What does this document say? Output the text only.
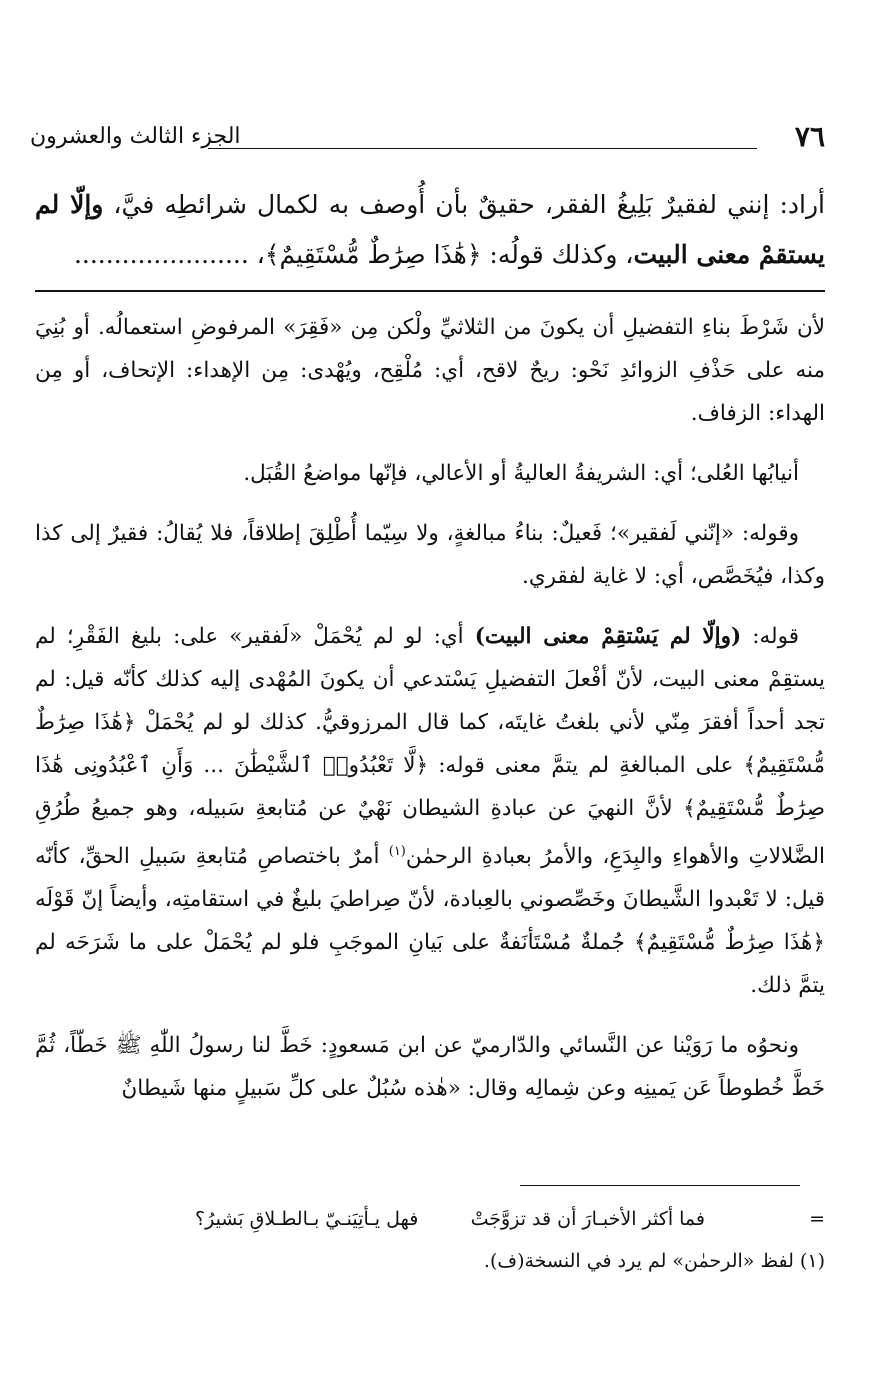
٧٦
الجزء الثالث والعشرون
أراد: إنني لفقيرٌ بَلِيغُ الفقر، حقيقٌ بأن أُوصف به لكمال شرائطِه فيَّ، وإلّا لم يستقمْ معنى البيت، وكذلك قولُه: ﴿هَٰذَا صِرَٰطٌ مُّسْتَقِيمٌ﴾، ......................

لأن شَرْطَ بناءِ التفضيلِ أن يكونَ من الثلاثيِّ ولْكن مِن «فَقِرَ» المرفوضِ استعمالُه. أو بُنِيَ منه على حَذْفِ الزوائدِ نَحْو: ريحٌ لاقح، أي: مُلْقِح، ويُهْدى: مِن الإهداء: الإتحاف، أو مِن الهداء: الزفاف.

أنيابُها العُلى؛ أي: الشريفةُ العاليةُ أو الأعالي، فإنّها مواضعُ القُبَل.

وقوله: «إنّني لَفقير»؛ فَعيلٌ: بناءُ مبالغةٍ، ولا سِيّما أُطْلِقَ إطلاقاً، فلا يُقالُ: فقيرٌ إلى كذا وكذا، فيُخَصَّص، أي: لا غاية لفقري.

قوله: (وإلّا لم يَسْتقِمْ معنى البيت) أي: لو لم يُحْمَلْ «لَفقير» على: بليغ الفَقْرِ؛ لم يستقِمْ معنى البيت، لأنّ أفْعلَ التفضيلِ يَسْتدعي أن يكونَ المُهْدى إليه كذلك كأنّه قيل: لم تجد أحداً أفقرَ مِنّي لأني بلغتُ غايتَه، كما قال المرزوقيُّ. كذلك لو لم يُحْمَلْ ﴿هَٰذَا صِرَٰطٌ مُّسْتَقِيمٌ﴾ على المبالغةِ لم يتمَّ معنى قوله: ﴿لَّا تَعْبُدُوا۟ ٱلشَّيْطَٰنَ ... وَأَنِ ٱعْبُدُونِى هَٰذَا صِرَٰطٌ مُّسْتَقِيمٌ﴾ لأنَّ النهيَ عن عبادةِ الشيطان نَهْيٌ عن مُتابعةِ سَبيله، وهو جميعُ طُرُقِ الضَّلالاتِ والأهواءِ والبِدَعِ، والأمرُ بعبادةِ الرحمٰن$^{(١)}$ أمرٌ باختصاصِ مُتابعةِ سَبيلِ الحقِّ، كأنّه قيل: لا تَعْبدوا الشَّيطانَ وخَصِّصوني بالعِبادة، لأنّ صِراطيَ بليغٌ في استقامتِه، وأيضاً إنّ قَوْلَه ﴿هَٰذَا صِرَٰطٌ مُّسْتَقِيمٌ﴾ جُملةٌ مُسْتَأنَفةٌ على بَيانِ الموجَبِ فلو لم يُحْمَلْ على ما شَرَحَه لم يتمَّ ذلك.

ونحوُه ما رَوَيْنا عن النَّسائي والدّارميّ عن ابن مَسعودٍ: خَطَّ لنا رسولُ اللّٰهِ ﷺ خَطّاً، ثُمَّ خَطَّ خُطوطاً عَن يَمينِه وعن شِمالِه وقال: «هٰذه سُبُلٌ على كلِّ سَبيلٍ منها شَيطانٌ

=
فما أكثر الأخبـارَ أن قد تزوَّجَتْ
فهل يـأتِيَنـيّ بـالطـلاقِ بَشيرُ؟
(١) لفظ «الرحمٰن» لم يرد في النسخة(ف).
